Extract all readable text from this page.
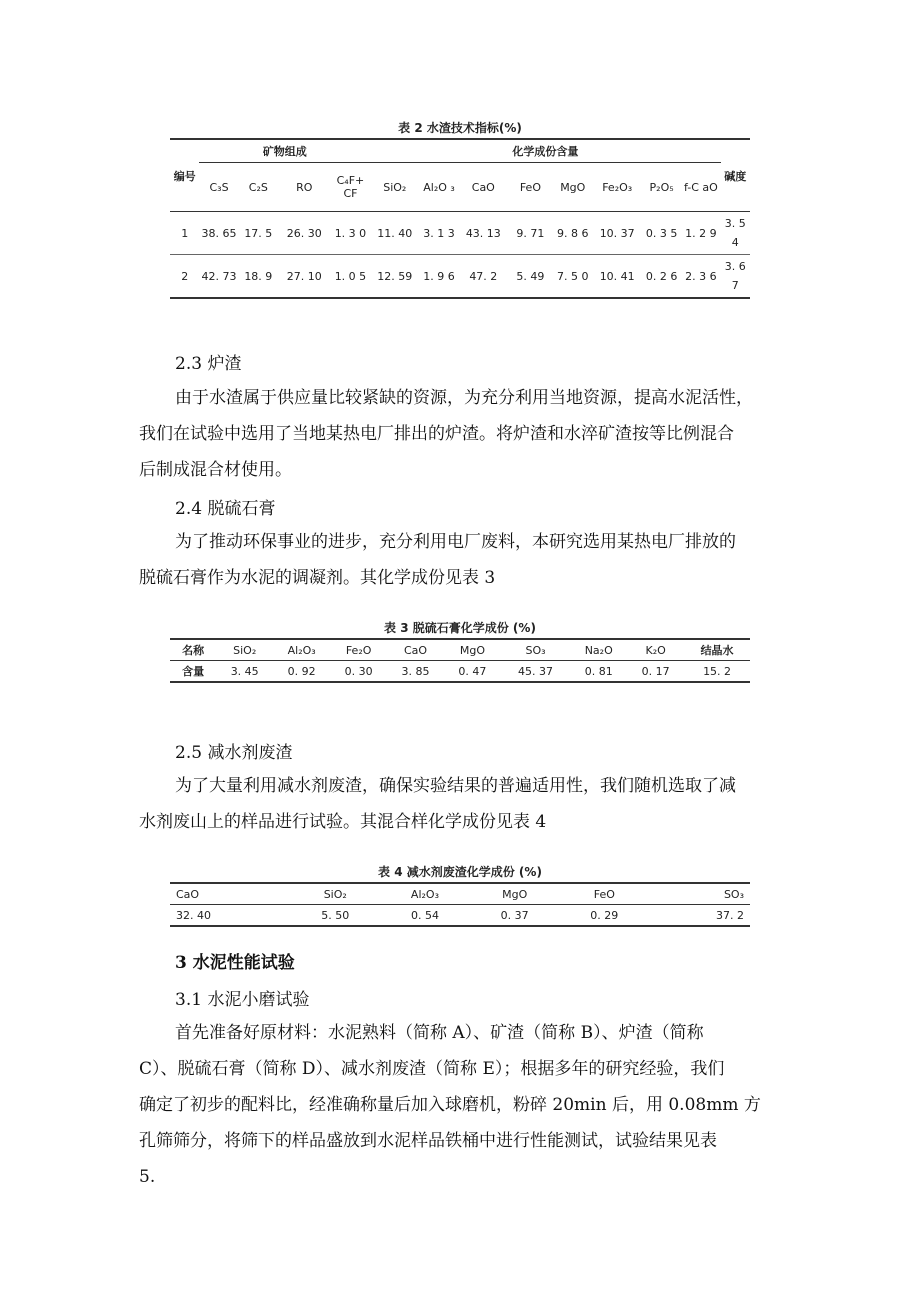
表 2 水渣技术指标(%)
编号	矿物组成				化学成份含量								碱度
	C₃S	C₂S	RO	C₄F+ CF	SiO₂	Al₂O ₃	CaO	FeO	MgO	Fe₂O₃	P₂O₅	f-C aO	
1	38. 65	17. 5	26. 30	1. 3 0	11. 40	3. 1 3	43. 13	9. 71	9. 8 6	10. 37	0. 3 5	1. 2 9	3. 5 4
2	42. 73	18. 9	27. 10	1. 0 5	12. 59	1. 9 6	47. 2	5. 49	7. 5 0	10. 41	0. 2 6	2. 3 6	3. 6 7
2.3 炉渣
由于水渣属于供应量比较紧缺的资源，为充分利用当地资源，提高水泥活性，
我们在试验中选用了当地某热电厂排出的炉渣。将炉渣和水淬矿渣按等比例混合
后制成混合材使用。
2.4 脱硫石膏
为了推动环保事业的进步，充分利用电厂废料，本研究选用某热电厂排放的
脱硫石膏作为水泥的调凝剂。其化学成份见表 3
表 3 脱硫石膏化学成份 (%)
名称	SiO₂	Al₂O₃	Fe₂O	CaO	MgO	SO₃	Na₂O	K₂O	结晶水
含量	3. 45	0. 92	0. 30	3. 85	0. 47	45. 37	0. 81	0. 17	15. 2
2.5 减水剂废渣
为了大量利用减水剂废渣，确保实验结果的普遍适用性，我们随机选取了减
水剂废山上的样品进行试验。其混合样化学成份见表 4
表 4 减水剂废渣化学成份 (%)
CaO	SiO₂	Al₂O₃	MgO	FeO	SO₃
32. 40	5. 50	0. 54	0. 37	0. 29	37. 2
3 水泥性能试验
3.1 水泥小磨试验
首先准备好原材料：水泥熟料（简称 A）、矿渣（简称 B）、炉渣（简称
C）、脱硫石膏（简称 D）、减水剂废渣（简称 E）；根据多年的研究经验，我们
确定了初步的配料比，经准确称量后加入球磨机，粉碎 20min 后，用 0.08mm 方
孔筛筛分，将筛下的样品盛放到水泥样品铁桶中进行性能测试，试验结果见表
5.
